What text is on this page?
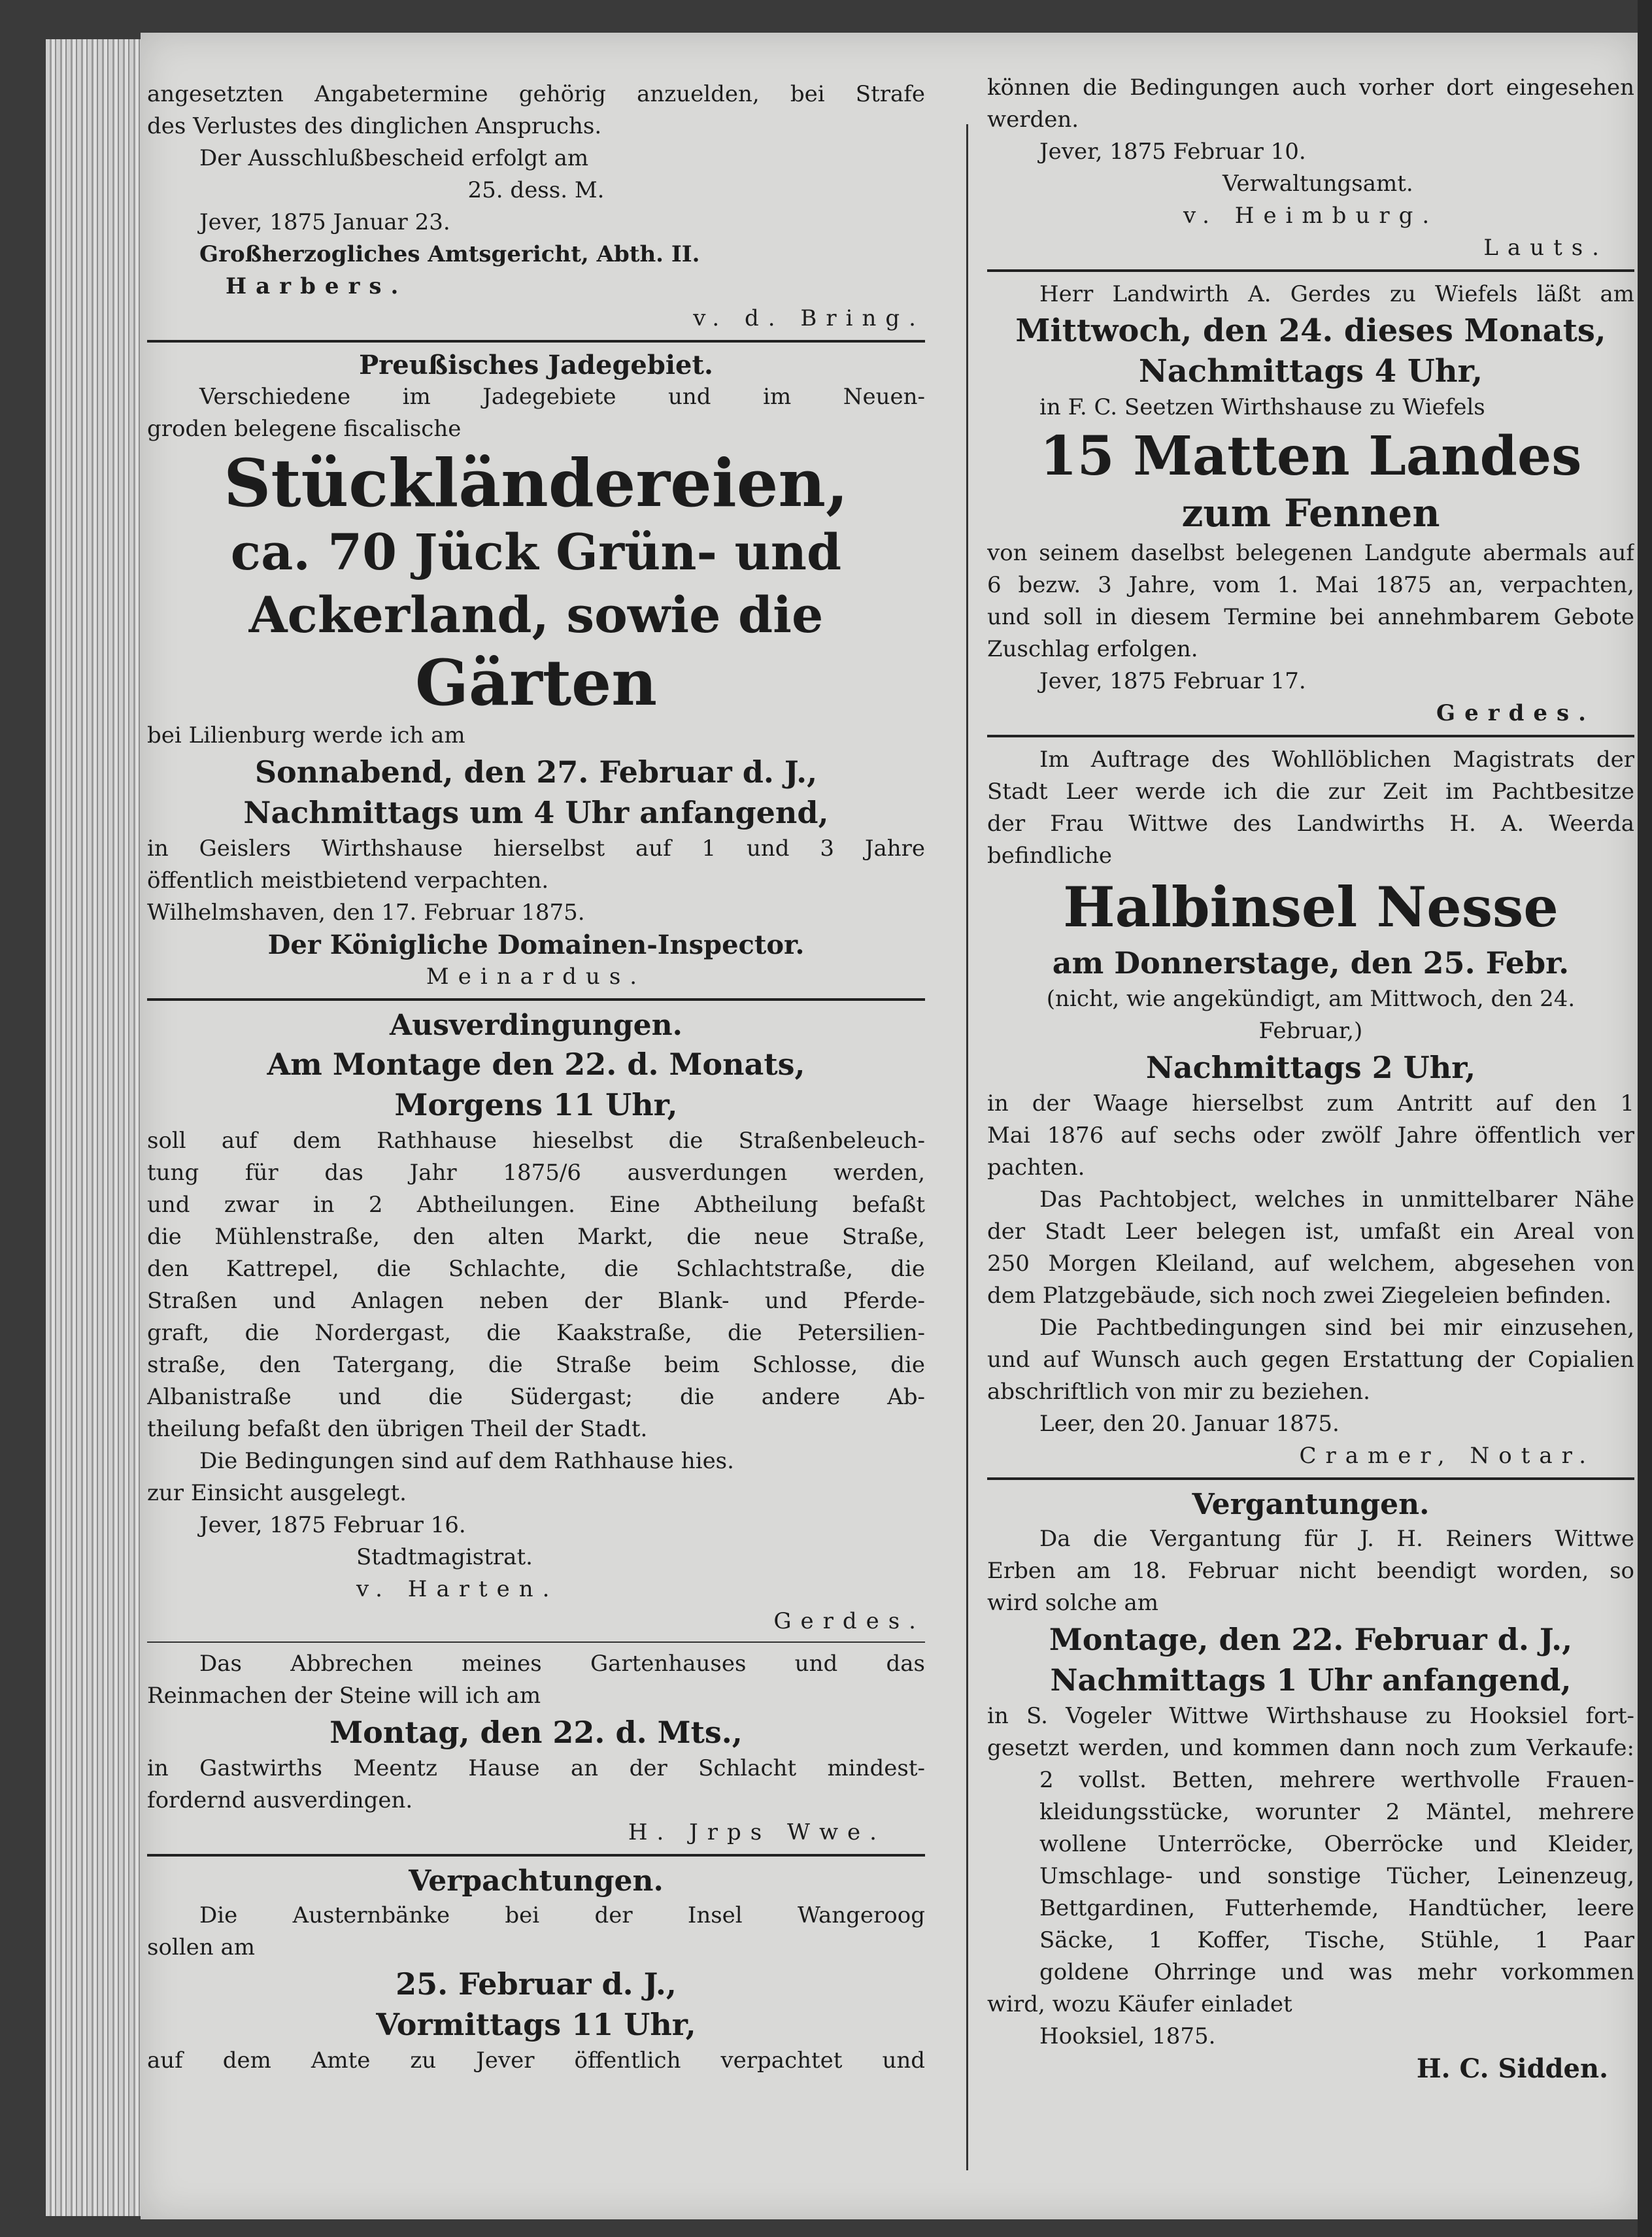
angesetzten Angabetermine gehörig anzuelden, bei Strafe
des Verlustes des dinglichen Anspruchs.
Der Ausschlußbescheid erfolgt am
25. dess. M.
Jever, 1875 Januar 23.
Großherzogliches Amtsgericht, Abth. II.
Harbers.
v. d. Bring.
Preußisches Jadegebiet.
Verschiedene im Jadegebiete und im Neuen-
groden belegene fiscalische
Stückländereien,
ca. 70 Jück Grün- und
Ackerland, sowie die
Gärten
bei Lilienburg werde ich am
Sonnabend, den 27. Februar d. J.,
Nachmittags um 4 Uhr anfangend,
in Geislers Wirthshause hierselbst auf 1 und 3 Jahre
öffentlich meistbietend verpachten.
Wilhelmshaven, den 17. Februar 1875.
Der Königliche Domainen-Inspector.
Meinardus.
Ausverdingungen.
Am Montage den 22. d. Monats,
Morgens 11 Uhr,
soll auf dem Rathhause hieselbst die Straßenbeleuch-
tung für das Jahr 1875/6 ausverdungen werden,
und zwar in 2 Abtheilungen. Eine Abtheilung befaßt
die Mühlenstraße, den alten Markt, die neue Straße,
den Kattrepel, die Schlachte, die Schlachtstraße, die
Straßen und Anlagen neben der Blank- und Pferde-
graft, die Nordergast, die Kaakstraße, die Petersilien-
straße, den Tatergang, die Straße beim Schlosse, die
Albanistraße und die Südergast; die andere Ab-
theilung befaßt den übrigen Theil der Stadt.
Die Bedingungen sind auf dem Rathhause hies.
zur Einsicht ausgelegt.
Jever, 1875 Februar 16.
Stadtmagistrat.
v. Harten.
Gerdes.
Das Abbrechen meines Gartenhauses und das
Reinmachen der Steine will ich am
Montag, den 22. d. Mts.,
in Gastwirths Meentz Hause an der Schlacht mindest-
fordernd ausverdingen.
H. Jrps Wwe.
Verpachtungen.
Die Austernbänke bei der Insel Wangeroog
sollen am
25. Februar d. J.,
Vormittags 11 Uhr,
auf dem Amte zu Jever öffentlich verpachtet und
können die Bedingungen auch vorher dort eingesehen
werden.
Jever, 1875 Februar 10.
Verwaltungsamt.
v. Heimburg.
Lauts.
Herr Landwirth A. Gerdes zu Wiefels läßt am
Mittwoch, den 24. dieses Monats,
Nachmittags 4 Uhr,
in F. C. Seetzen Wirthshause zu Wiefels
15 Matten Landes
zum Fennen
von seinem daselbst belegenen Landgute abermals auf
6 bezw. 3 Jahre, vom 1. Mai 1875 an, verpachten,
und soll in diesem Termine bei annehmbarem Gebote
Zuschlag erfolgen.
Jever, 1875 Februar 17.
Gerdes.
Im Auftrage des Wohllöblichen Magistrats der
Stadt Leer werde ich die zur Zeit im Pachtbesitze
der Frau Wittwe des Landwirths H. A. Weerda
befindliche
Halbinsel Nesse
am Donnerstage, den 25. Febr.
(nicht, wie angekündigt, am Mittwoch, den 24.
Februar,)
Nachmittags 2 Uhr,
in der Waage hierselbst zum Antritt auf den 1
Mai 1876 auf sechs oder zwölf Jahre öffentlich ver
pachten.
Das Pachtobject, welches in unmittelbarer Nähe
der Stadt Leer belegen ist, umfaßt ein Areal von
250 Morgen Kleiland, auf welchem, abgesehen von
dem Platzgebäude, sich noch zwei Ziegeleien befinden.
Die Pachtbedingungen sind bei mir einzusehen,
und auf Wunsch auch gegen Erstattung der Copialien
abschriftlich von mir zu beziehen.
Leer, den 20. Januar 1875.
Cramer, Notar.
Vergantungen.
Da die Vergantung für J. H. Reiners Wittwe
Erben am 18. Februar nicht beendigt worden, so
wird solche am
Montage, den 22. Februar d. J.,
Nachmittags 1 Uhr anfangend,
in S. Vogeler Wittwe Wirthshause zu Hooksiel fort-
gesetzt werden, und kommen dann noch zum Verkaufe:
2 vollst. Betten, mehrere werthvolle Frauen-
kleidungsstücke, worunter 2 Mäntel, mehrere
wollene Unterröcke, Oberröcke und Kleider,
Umschlage- und sonstige Tücher, Leinenzeug,
Bettgardinen, Futterhemde, Handtücher, leere
Säcke, 1 Koffer, Tische, Stühle, 1 Paar
goldene Ohrringe und was mehr vorkommen
wird, wozu Käufer einladet
Hooksiel, 1875.
H. C. Sidden.
